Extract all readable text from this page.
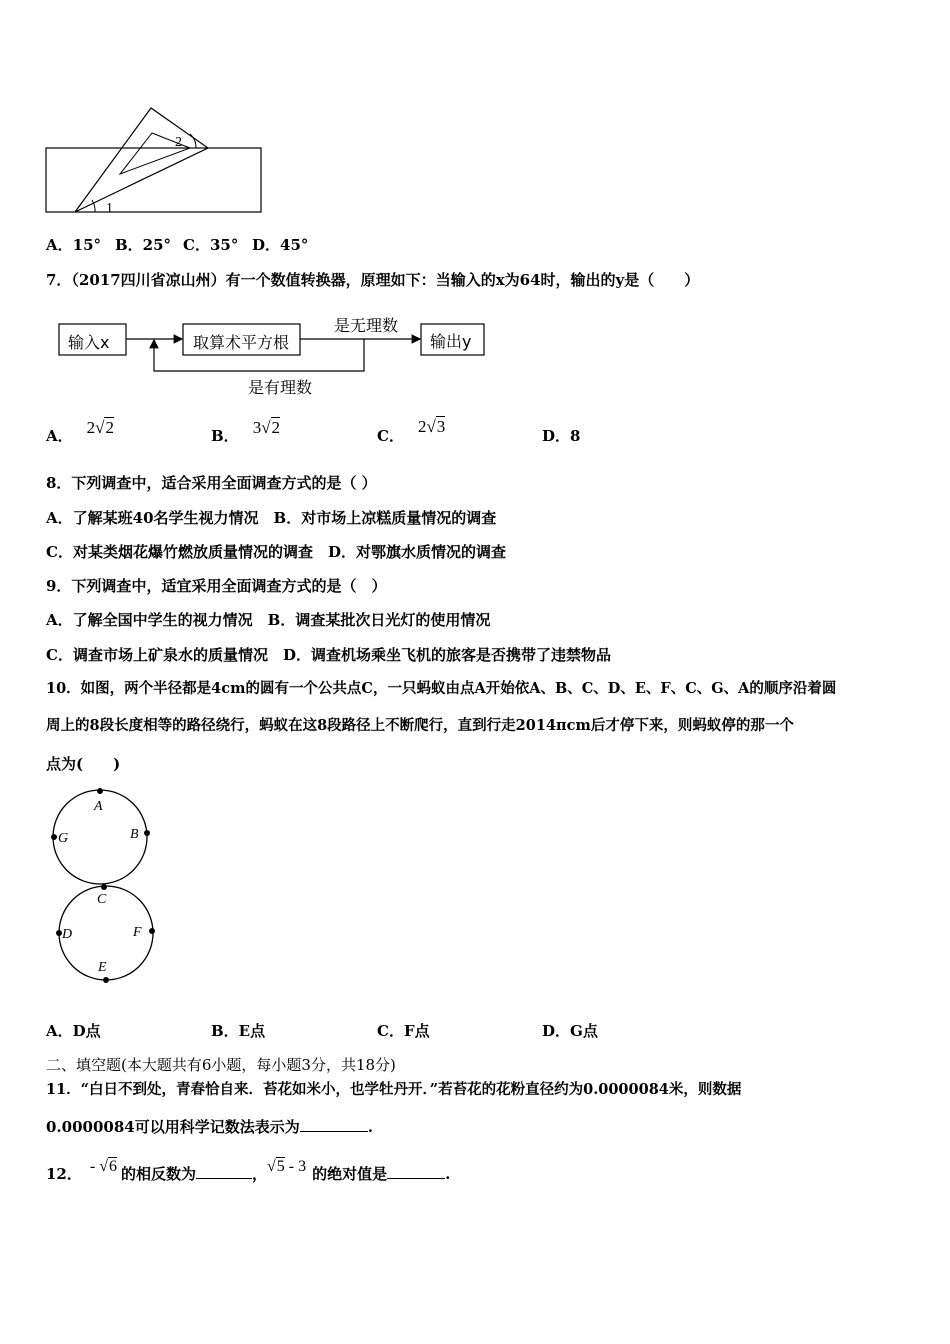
1
2
A．15° B．25° C．35° D．45°
7．（2017四川省凉山州）有一个数值转换器，原理如下：当输入的x为64时，输出的y是（　　）
输入x	取算术平方根	输出y
是无理数
是有理数
A． 2√2	B． 3√2	C． 2√3	D．8
8．下列调查中，适合采用全面调查方式的是（ ）
A．了解某班40名学生视力情况　B．对市场上凉糕质量情况的调查
C．对某类烟花爆竹燃放质量情况的调查　D．对鄂旗水质情况的调查
9．下列调查中，适宜采用全面调查方式的是（　）
A．了解全国中学生的视力情况　B．调查某批次日光灯的使用情况
C．调查市场上矿泉水的质量情况　D．调查机场乘坐飞机的旅客是否携带了违禁物品
10．如图，两个半径都是4cm的圆有一个公共点C，一只蚂蚁由点A开始依A、B、C、D、E、F、C、G、A的顺序沿着圆
周上的8段长度相等的路径绕行，蚂蚁在这8段路径上不断爬行，直到行走2014πcm后才停下来，则蚂蚁停的那一个
点为(　　)
A
B
C
D
E
F
G
A．D点	B．E点	C．F点	D．G点
二、填空题(本大题共有6小题，每小题3分，共18分)
11．“白日不到处，青春恰自来．苔花如米小，也学牡丹开．”若苔花的花粉直径约为0.0000084米，则数据
0.0000084可以用科学记数法表示为	.
12． - √6 的相反数为	，√5 - 3 的绝对值是	.
